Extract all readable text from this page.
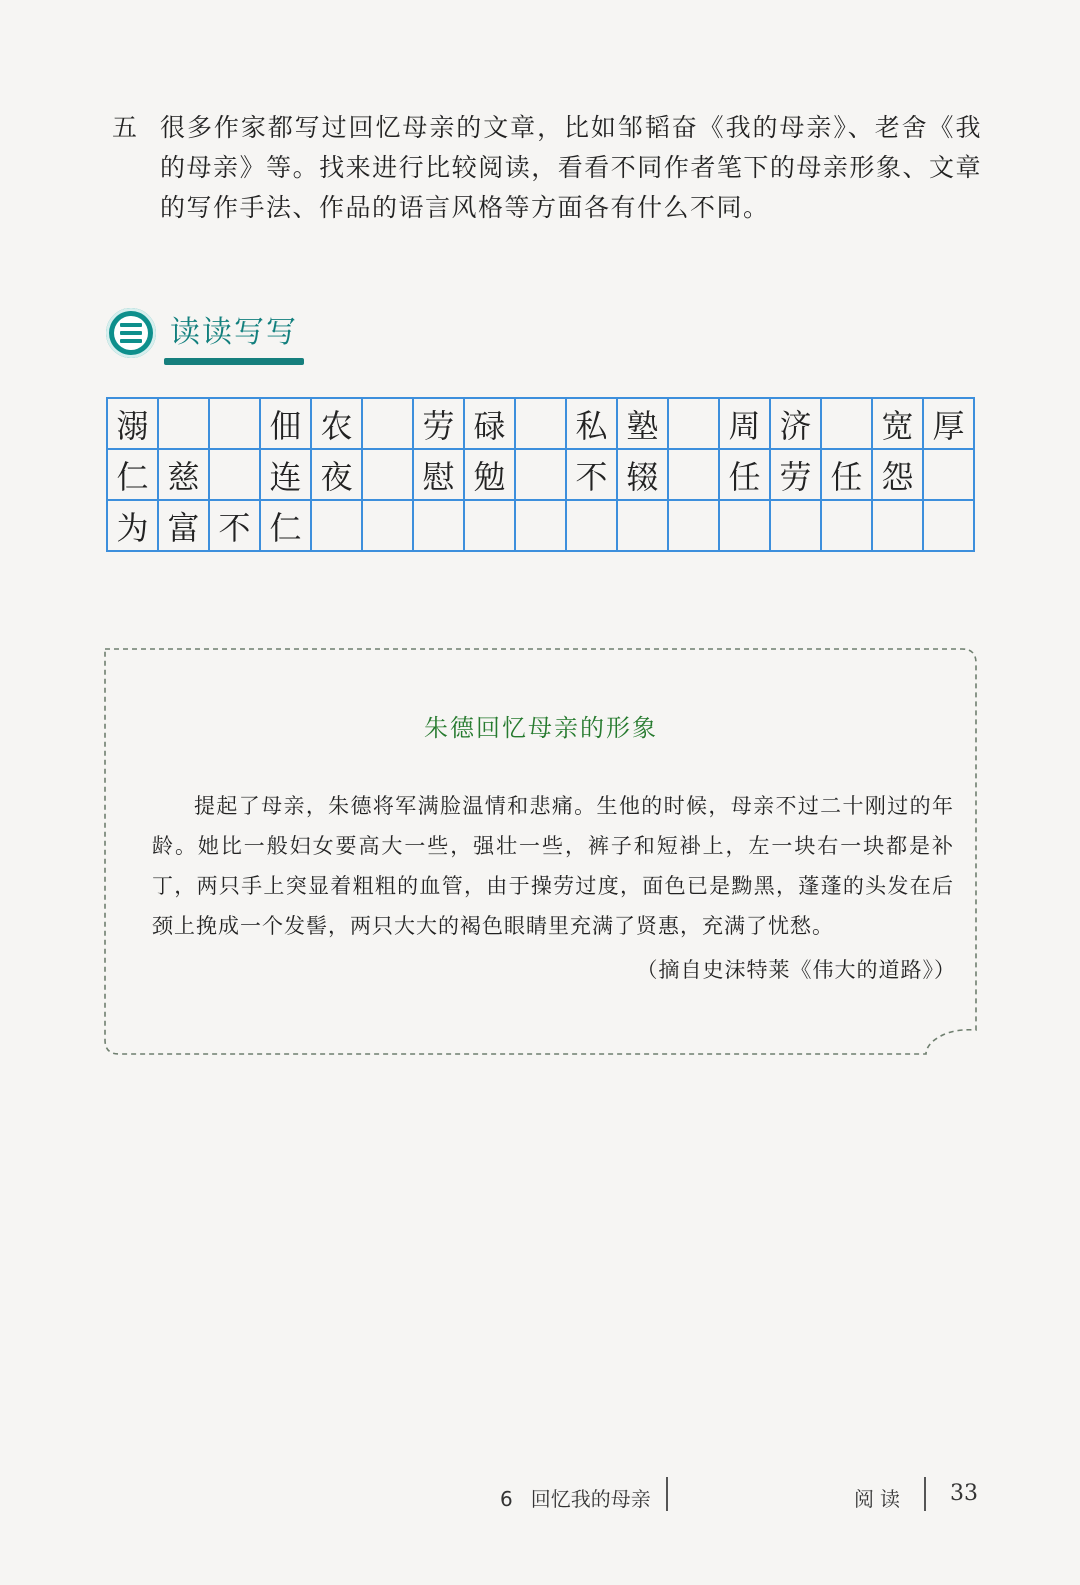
五 很多作家都写过回忆母亲的文章，比如邹韬奋《我的母亲》、老舍《我的母亲》等。找来进行比较阅读，看看不同作者笔下的母亲形象、文章的写作手法、作品的语言风格等方面各有什么不同。
读读写写
溺			佃	农		劳	碌		私	塾		周	济		宽	厚
仁	慈		连	夜		慰	勉		不	辍		任	劳	任	怨	
为	富	不	仁													
朱德回忆母亲的形象
提起了母亲，朱德将军满脸温情和悲痛。生他的时候，母亲不过二十刚过的年龄。她比一般妇女要高大一些，强壮一些，裤子和短褂上，左一块右一块都是补丁，两只手上突显着粗粗的血管，由于操劳过度，面色已是黝黑，蓬蓬的头发在后颈上挽成一个发髻，两只大大的褐色眼睛里充满了贤惠，充满了忧愁。
（摘自史沫特莱《伟大的道路》）
6 回忆我的母亲	阅读 33
